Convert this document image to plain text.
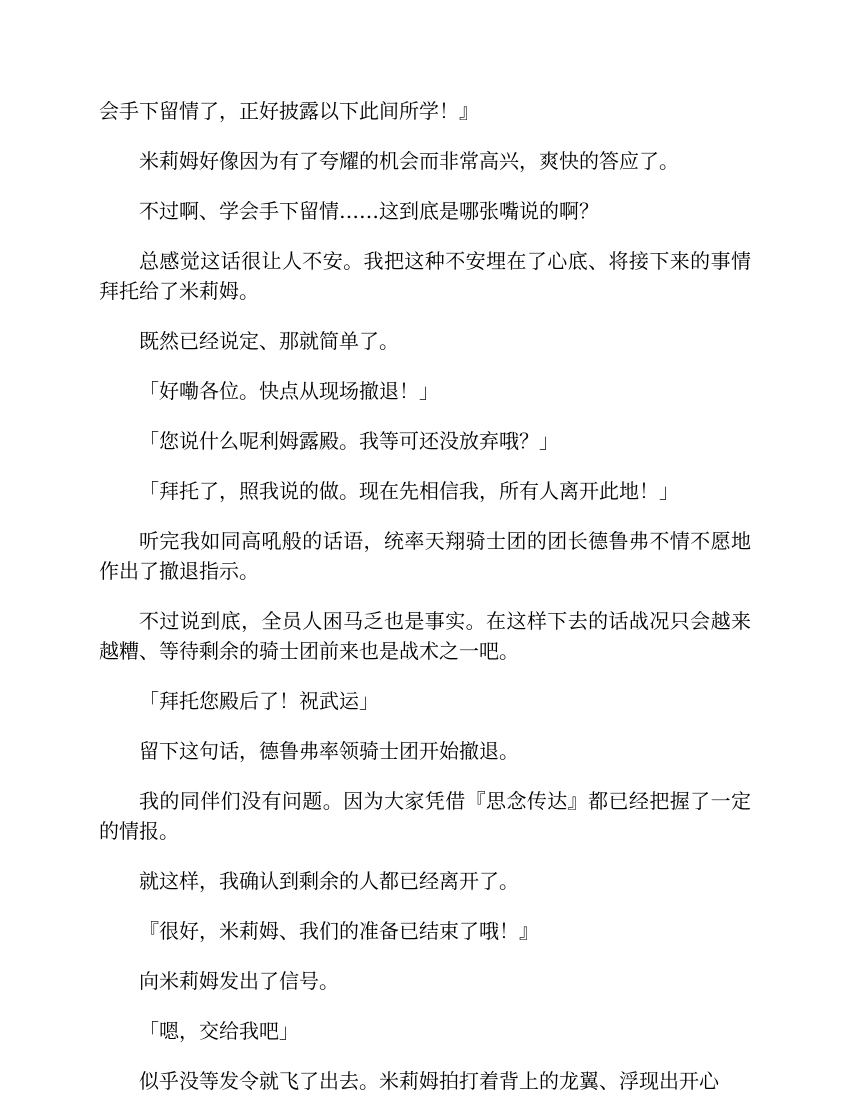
会手下留情了，正好披露以下此间所学！』

米莉姆好像因为有了夸耀的机会而非常高兴，爽快的答应了。

不过啊、学会手下留情……这到底是哪张嘴说的啊？

总感觉这话很让人不安。我把这种不安埋在了心底、将接下来的事情拜托给了米莉姆。

既然已经说定、那就简单了。

「好嘞各位。快点从现场撤退！」

「您说什么呢利姆露殿。我等可还没放弃哦？」

「拜托了，照我说的做。现在先相信我，所有人离开此地！」

听完我如同高吼般的话语，统率天翔骑士团的团长德鲁弗不情不愿地作出了撤退指示。

不过说到底，全员人困马乏也是事实。在这样下去的话战况只会越来越糟、等待剩余的骑士团前来也是战术之一吧。

「拜托您殿后了！祝武运」

留下这句话，德鲁弗率领骑士团开始撤退。

我的同伴们没有问题。因为大家凭借『思念传达』都已经把握了一定的情报。

就这样，我确认到剩余的人都已经离开了。

『很好，米莉姆、我们的准备已结束了哦！』

向米莉姆发出了信号。

「嗯，交给我吧」

似乎没等发令就飞了出去。米莉姆拍打着背上的龙翼、浮现出开心
